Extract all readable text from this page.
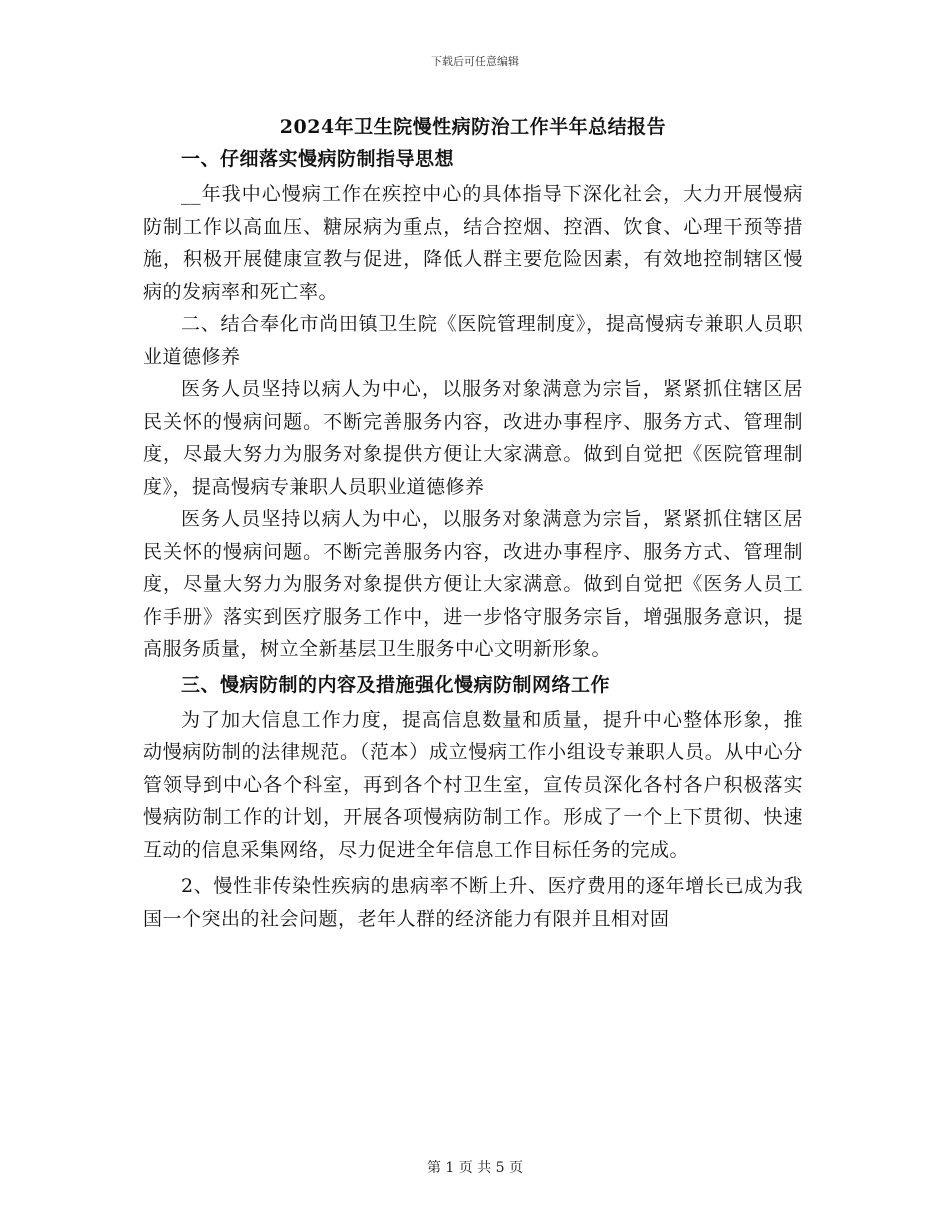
下载后可任意编辑
2024年卫生院慢性病防治工作半年总结报告
一、仔细落实慢病防制指导思想

__年我中心慢病工作在疾控中心的具体指导下深化社会，大力开展慢病防制工作以高血压、糖尿病为重点，结合控烟、控酒、饮食、心理干预等措施，积极开展健康宣教与促进，降低人群主要危险因素，有效地控制辖区慢病的发病率和死亡率。

二、结合奉化市尚田镇卫生院《医院管理制度》，提高慢病专兼职人员职业道德修养

医务人员坚持以病人为中心，以服务对象满意为宗旨，紧紧抓住辖区居民关怀的慢病问题。不断完善服务内容，改进办事程序、服务方式、管理制度，尽最大努力为服务对象提供方便让大家满意。做到自觉把《医院管理制度》，提高慢病专兼职人员职业道德修养

医务人员坚持以病人为中心，以服务对象满意为宗旨，紧紧抓住辖区居民关怀的慢病问题。不断完善服务内容，改进办事程序、服务方式、管理制度，尽量大努力为服务对象提供方便让大家满意。做到自觉把《医务人员工作手册》落实到医疗服务工作中，进一步恪守服务宗旨，增强服务意识，提高服务质量，树立全新基层卫生服务中心文明新形象。

三、慢病防制的内容及措施强化慢病防制网络工作

为了加大信息工作力度，提高信息数量和质量，提升中心整体形象，推动慢病防制的法律规范。（范本）成立慢病工作小组设专兼职人员。从中心分管领导到中心各个科室，再到各个村卫生室，宣传员深化各村各户积极落实慢病防制工作的计划，开展各项慢病防制工作。形成了一个上下贯彻、快速互动的信息采集网络，尽力促进全年信息工作目标任务的完成。

2、慢性非传染性疾病的患病率不断上升、医疗费用的逐年增长已成为我国一个突出的社会问题，老年人群的经济能力有限并且相对固

第 1 页 共 5 页
